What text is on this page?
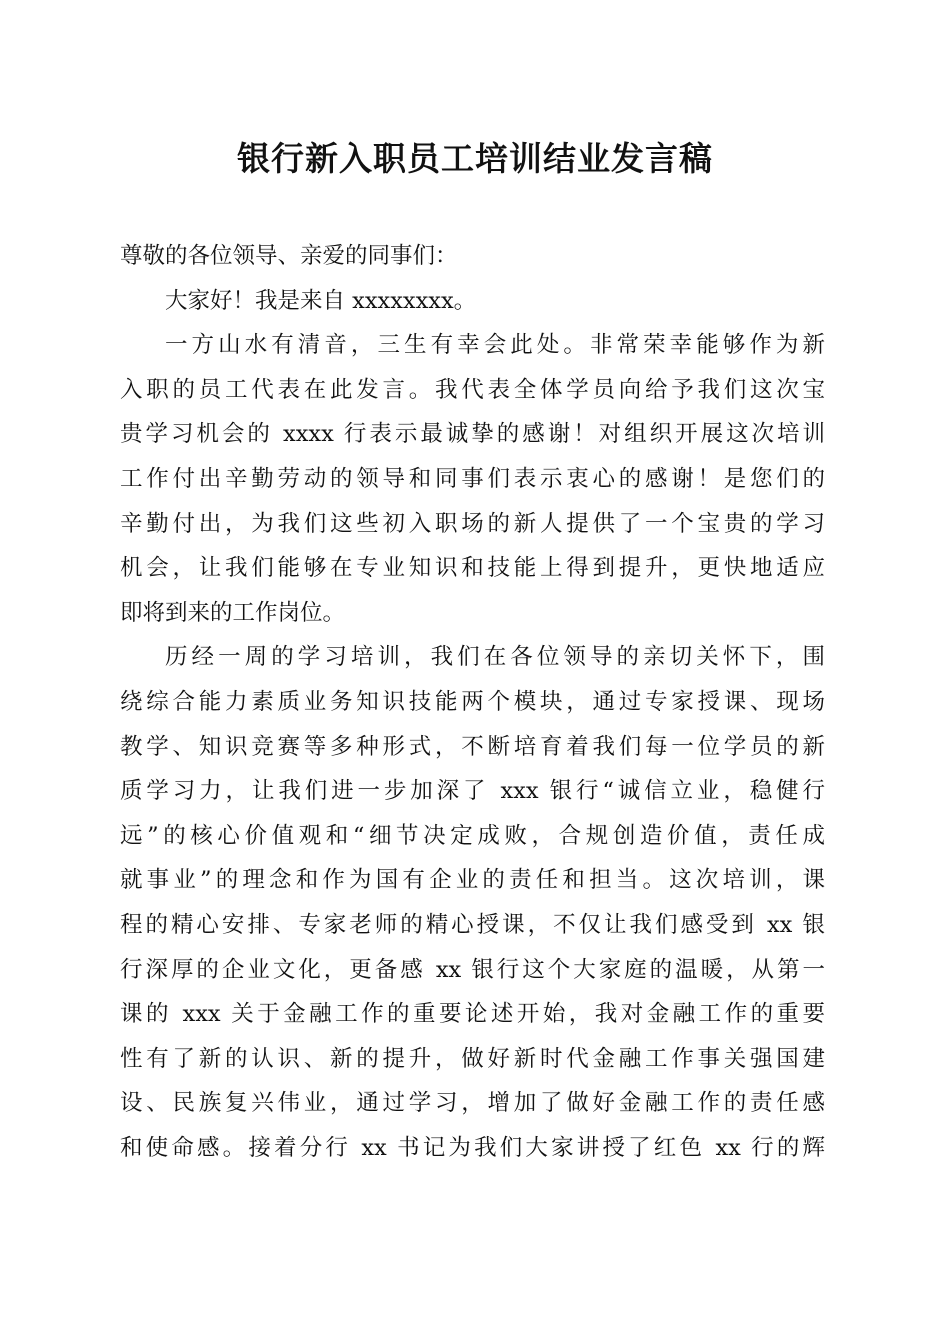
银行新入职员工培训结业发言稿
尊敬的各位领导、亲爱的同事们：
大家好！我是来自 xxxxxxxx。
一方山水有清音，三生有幸会此处。非常荣幸能够作为新
入职的员工代表在此发言。我代表全体学员向给予我们这次宝
贵学习机会的 xxxx 行表示最诚挚的感谢！对组织开展这次培训
工作付出辛勤劳动的领导和同事们表示衷心的感谢！是您们的
辛勤付出，为我们这些初入职场的新人提供了一个宝贵的学习
机会，让我们能够在专业知识和技能上得到提升，更快地适应
即将到来的工作岗位。
历经一周的学习培训，我们在各位领导的亲切关怀下，围
绕综合能力素质业务知识技能两个模块，通过专家授课、现场
教学、知识竞赛等多种形式，不断培育着我们每一位学员的新
质学习力，让我们进一步加深了 xxx 银行“诚信立业，稳健行
远”的核心价值观和“细节决定成败，合规创造价值，责任成
就事业”的理念和作为国有企业的责任和担当。这次培训，课
程的精心安排、专家老师的精心授课，不仅让我们感受到 xx 银
行深厚的企业文化，更备感 xx 银行这个大家庭的温暖，从第一
课的 xxx 关于金融工作的重要论述开始，我对金融工作的重要
性有了新的认识、新的提升，做好新时代金融工作事关强国建
设、民族复兴伟业，通过学习，增加了做好金融工作的责任感
和使命感。接着分行 xx 书记为我们大家讲授了红色 xx 行的辉
